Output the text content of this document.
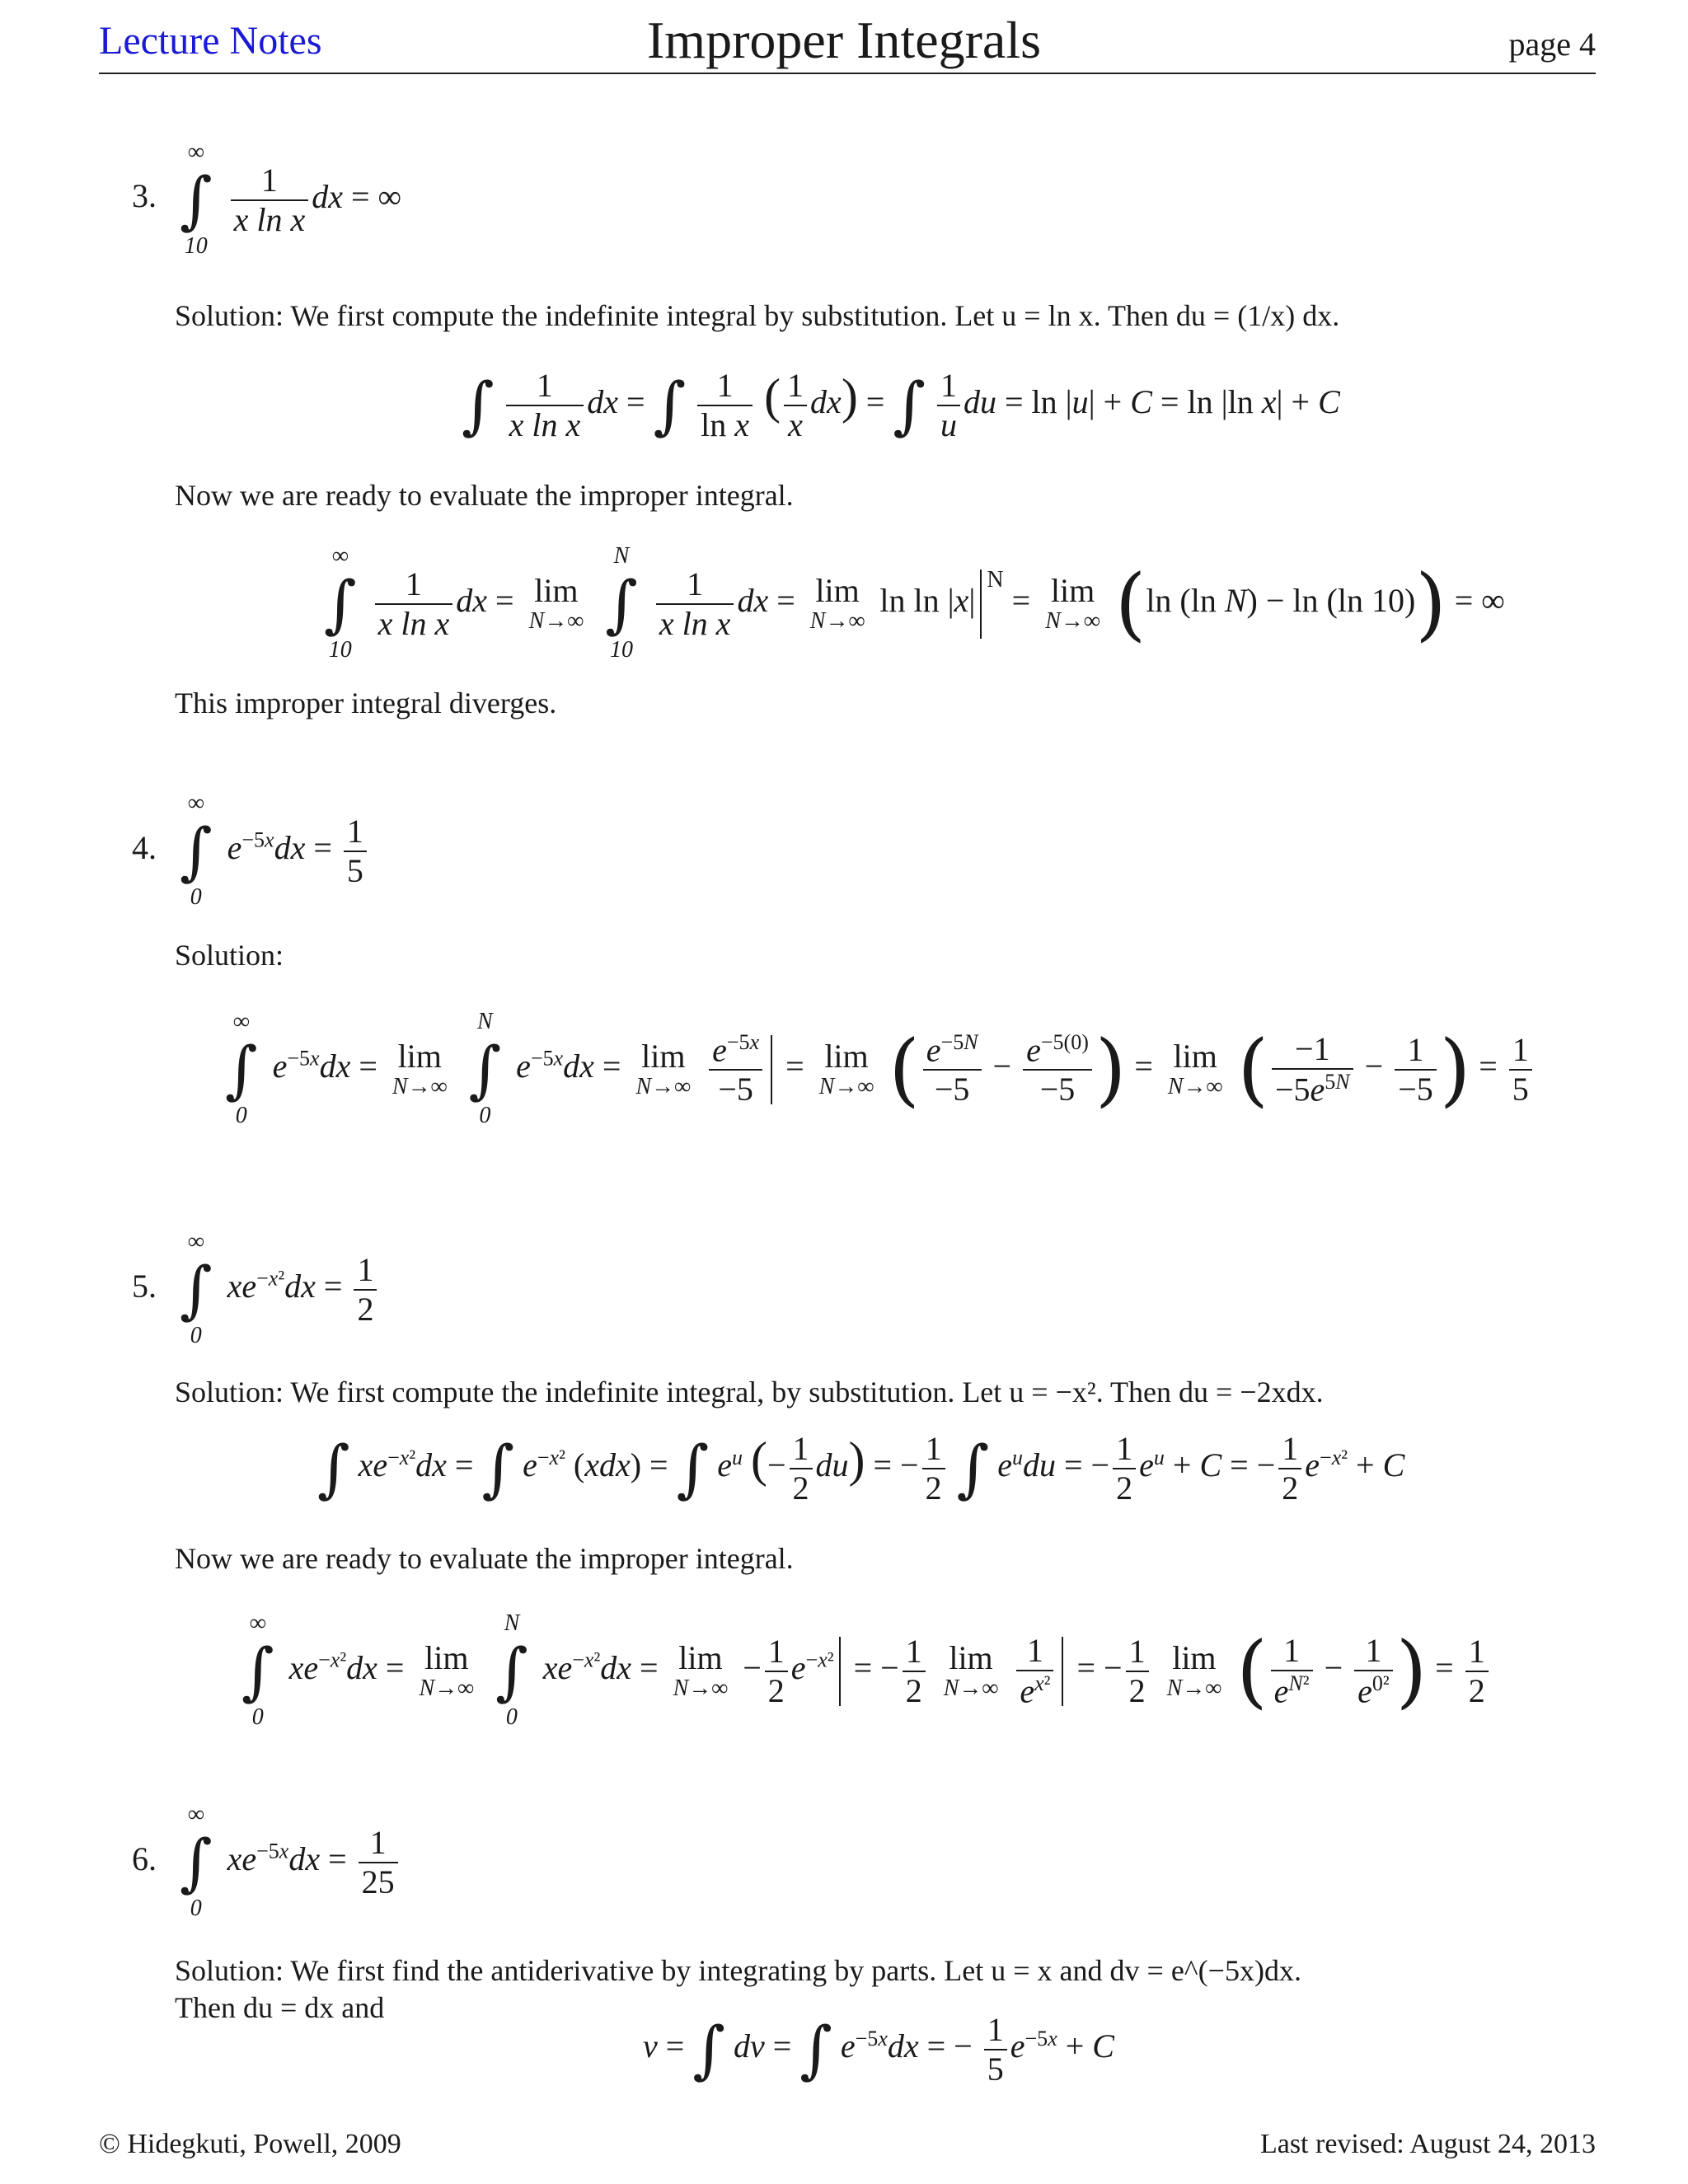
Lecture Notes	Improper Integrals	page 4
3.
∞
∫
10

$\frac{1}{\text{x ln x}}$ dx = ∞
Solution: We first compute the indefinite integral by substitution. Let u = ln x. Then du = (1/x) dx.
∫ $\frac{1}{\text{x ln x}}$ dx = ∫ $\frac{1}{\text{ln x}}$ ( $\frac{1}{x} dx$) = ∫ $\frac{1}{u}$ du = ln |u| + C = ln |ln x| + C
Now we are ready to evaluate the improper integral.
∞
∫
10

$\frac{1}{\text{x ln x}}$ dx = lim
N→∞

N
∫
10

$\frac{1}{\text{x ln x}}$ dx = lim
N→∞
$\ln \ln |x|^N = \lim$
N→∞ (ln (ln N) − ln (ln 10)) = ∞
This improper integral diverges.
4.
∞
∫
0
$e^{-5x}dx = \frac{1}{5}$
Solution:
∞
∫
0
$e^{-5x}dx = \lim$
N→∞

N
∫
0
$e^{-5x}dx = \lim$
N→∞
$\frac{e^{-5x}}{-5} = \lim$
N→∞ ( $\frac{e^{-5N}}{-5} - \frac{e^{-5(0)}}{-5}$ ) = lim
N→∞ ( $\frac{-1}{-5e^{5N}} - \frac{1}{-5}$ ) = $\frac{1}{5}$
5.
∞
∫
0
$xe^{-x^2}dx = \frac{1}{2}$
Solution: We first compute the indefinite integral, by substitution. Let u = −x². Then du = −2xdx.
∫ $xe^{-x^2}dx$ = ∫ $e^{-x^2}$ (xdx) = ∫ $e^u$ (− $\frac{1}{2} du$) = − $\frac{1}{2}$ ∫ $e^udu$ = − $\frac{1}{2} e^u + C$ = − $\frac{1}{2} e^{-x^2} + C$
Now we are ready to evaluate the improper integral.
∞
∫
0
$xe^{-x^2}dx = \lim$
N→∞

N
∫
0
$xe^{-x^2}dx = \lim$
N→∞
− $\frac{1}{2} e^{-x^2}$ = − $\frac{1}{2}$
lim
N→∞
$\frac{1}{e^{x^2}}$ = − $\frac{1}{2}$
lim
N→∞ ( $\frac{1}{e^{N^2}} - \frac{1}{e^{0^2}}$ ) = $\frac{1}{2}$
6.
∞
∫
0
$xe^{-5x}dx = \frac{1}{25}$
Solution: We first find the antiderivative by integrating by parts. Let u = x and dv = e^(−5x)dx.
Then du = dx and
v = ∫ dv = ∫ $e^{-5x}dx$ = − $\frac{1}{5} e^{-5x} + C$
© Hidegkuti, Powell, 2009	Last revised: August 24, 2013
